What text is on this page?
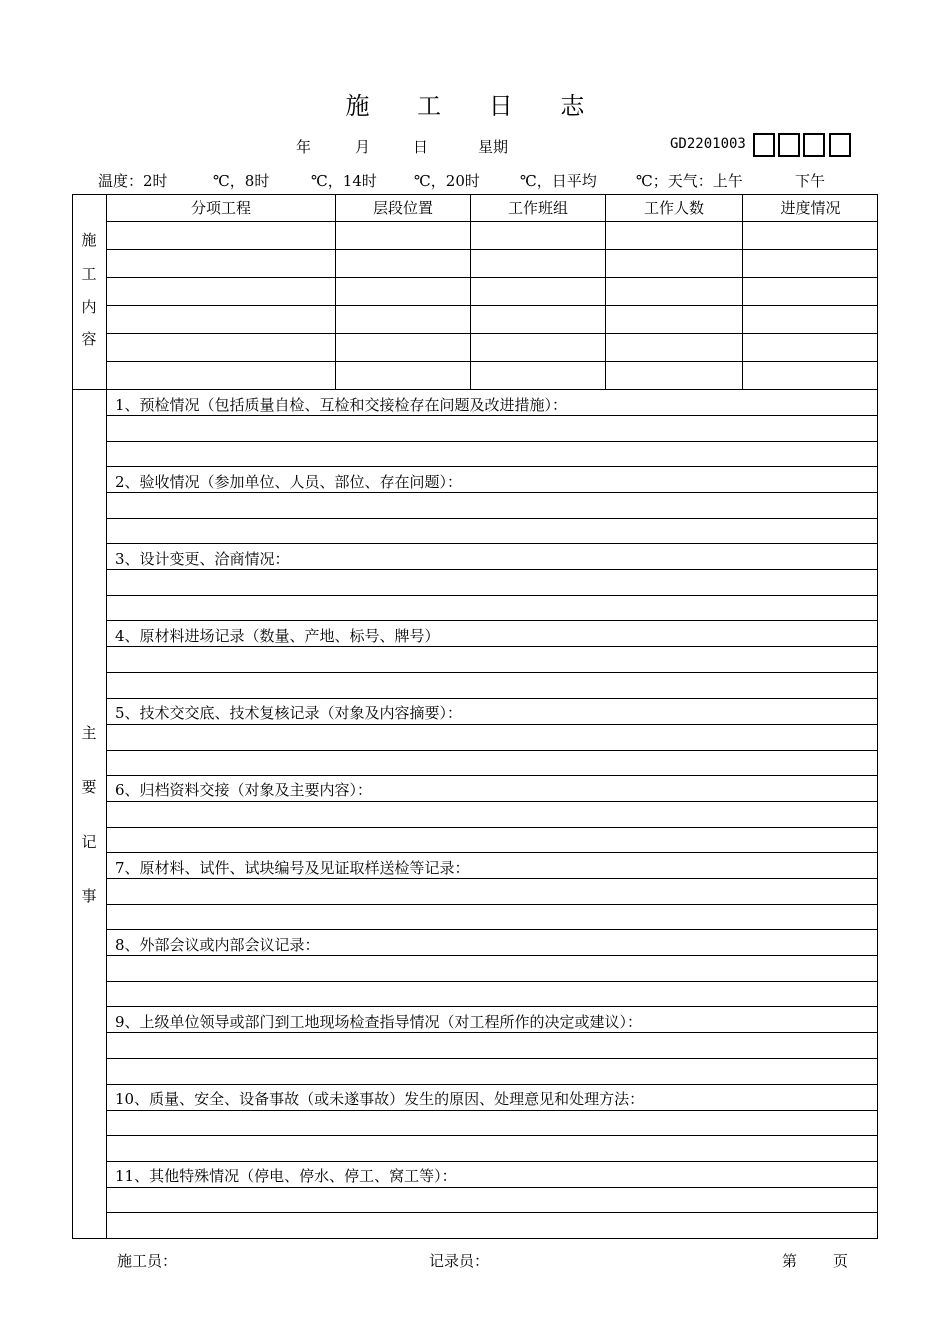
施 工 日 志
年	月	日	星期	GD2201003
温度：2时	℃，8时	℃，14时 ℃，20时	℃，日平均	℃；天气：上午	下午
分项工程	层段位置	工作班组	工作人数	进度情况
施
工
内
容
主
要
记
事
1、预检情况（包括质量自检、互检和交接检存在问题及改进措施）：
2、验收情况（参加单位、人员、部位、存在问题）：
3、设计变更、洽商情况：
4、原材料进场记录（数量、产地、标号、牌号）
5、技术交交底、技术复核记录（对象及内容摘要）：
6、归档资料交接（对象及主要内容）：
7、原材料、试件、试块编号及见证取样送检等记录：
8、外部会议或内部会议记录：
9、上级单位领导或部门到工地现场检查指导情况（对工程所作的决定或建议）：
10、质量、安全、设备事故（或未遂事故）发生的原因、处理意见和处理方法：
11、其他特殊情况（停电、停水、停工、窝工等）：
施工员：	记录员：	第 页
